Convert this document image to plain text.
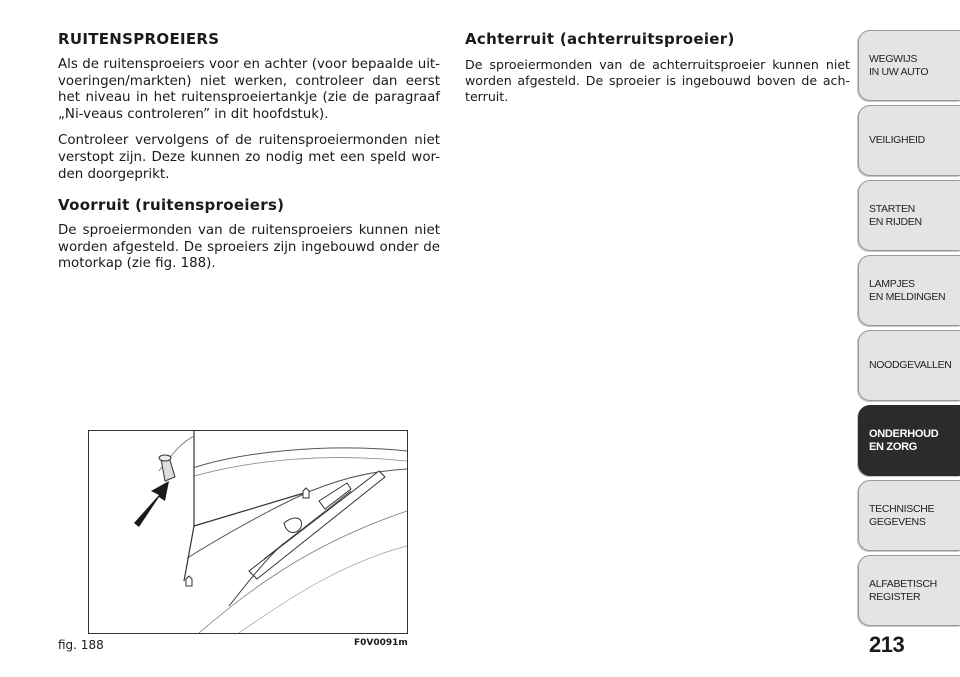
RUITENSPROEIERS

Als de ruitensproeiers voor en achter (voor bepaalde uit-voeringen/markten) niet werken, controleer dan eerst het niveau in het ruitensproeiertankje (zie de paragraaf „Ni-veaus controleren” in dit hoofdstuk).

Controleer vervolgens of de ruitensproeiermonden niet verstopt zijn. Deze kunnen zo nodig met een speld wor-den doorgeprikt.

Voorruit (ruitensproeiers)

De sproeiermonden van de ruitensproeiers kunnen niet worden afgesteld. De sproeiers zijn ingebouwd onder de motorkap (zie fig. 188).

Achterruit (achterruitsproeier)

De sproeiermonden van de achterruitsproeier kunnen niet worden afgesteld. De sproeier is ingebouwd boven de ach-terruit.

fig. 188	F0V0091m
WEGWIJS
IN UW AUTO
VEILIGHEID
STARTEN
EN RIJDEN
LAMPJES
EN MELDINGEN
NOODGEVALLEN
ONDERHOUD
EN ZORG
TECHNISCHE
GEGEVENS
ALFABETISCH
REGISTER
213
